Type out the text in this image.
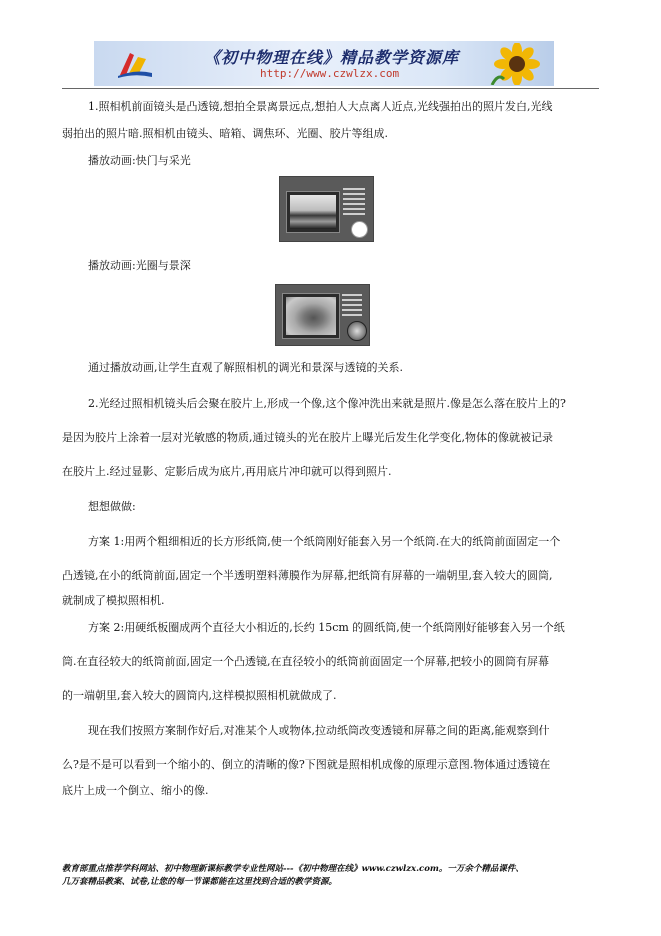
《初中物理在线》精品教学资源库
http://www.czwlzx.com
1.照相机前面镜头是凸透镜,想拍全景离景远点,想拍人大点离人近点,光线强拍出的照片发白,光线
弱拍出的照片暗.照相机由镜头、暗箱、调焦环、光圈、胶片等组成.
播放动画:快门与采光
播放动画:光圈与景深
通过播放动画,让学生直观了解照相机的调光和景深与透镜的关系.
2.光经过照相机镜头后会聚在胶片上,形成一个像,这个像冲洗出来就是照片.像是怎么落在胶片上的?
是因为胶片上涂着一层对光敏感的物质,通过镜头的光在胶片上曝光后发生化学变化,物体的像就被记录
在胶片上.经过显影、定影后成为底片,再用底片冲印就可以得到照片.
想想做做:
方案 1:用两个粗细相近的长方形纸筒,使一个纸筒刚好能套入另一个纸筒.在大的纸筒前面固定一个
凸透镜,在小的纸筒前面,固定一个半透明塑料薄膜作为屏幕,把纸筒有屏幕的一端朝里,套入较大的圆筒,
就制成了模拟照相机.
方案 2:用硬纸板圈成两个直径大小相近的,长约 15cm 的圆纸筒,使一个纸筒刚好能够套入另一个纸
筒.在直径较大的纸筒前面,固定一个凸透镜,在直径较小的纸筒前面固定一个屏幕,把较小的圆筒有屏幕
的一端朝里,套入较大的圆筒内,这样模拟照相机就做成了.
现在我们按照方案制作好后,对准某个人或物体,拉动纸筒改变透镜和屏幕之间的距离,能观察到什
么?是不是可以看到一个缩小的、倒立的清晰的像?下图就是照相机成像的原理示意图.物体通过透镜在
底片上成一个倒立、缩小的像.
教育部重点推荐学科网站、初中物理新课标教学专业性网站---《初中物理在线》www.czwlzx.com。一万余个精品课件、
几万套精品教案、试卷,让您的每一节课都能在这里找到合适的教学资源。
